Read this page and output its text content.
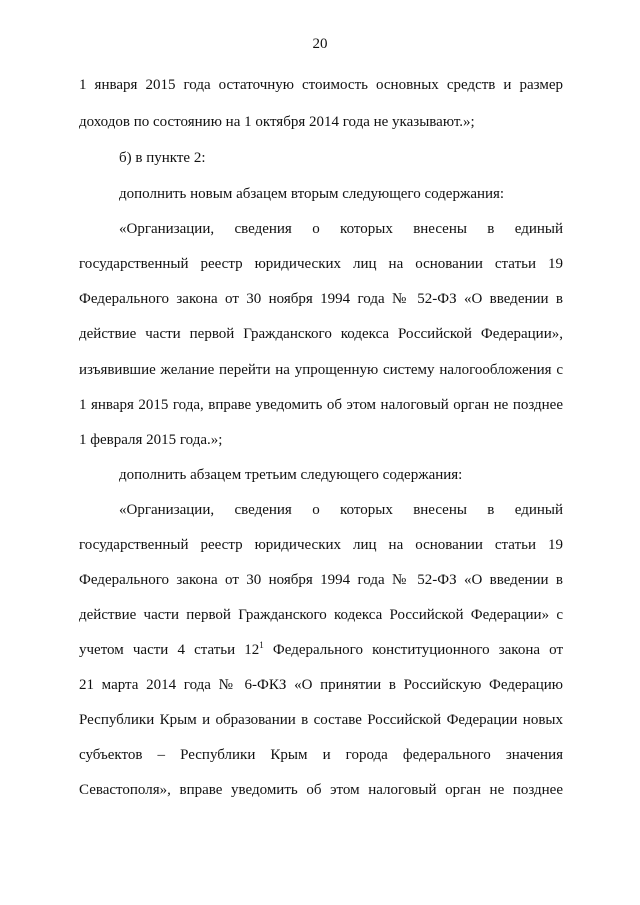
20
1 января 2015 года остаточную стоимость основных средств и размер
доходов по состоянию на 1 октября 2014 года не указывают.»;
б) в пункте 2:
дополнить новым абзацем вторым следующего содержания:
«Организации, сведения о которых внесены в единый
государственный реестр юридических лиц на основании статьи 19
Федерального закона от 30 ноября 1994 года № 52-ФЗ «О введении в
действие части первой Гражданского кодекса Российской Федерации»,
изъявившие желание перейти на упрощенную систему налогообложения с
1 января 2015 года, вправе уведомить об этом налоговый орган не позднее
1 февраля 2015 года.»;
дополнить абзацем третьим следующего содержания:
«Организации, сведения о которых внесены в единый
государственный реестр юридических лиц на основании статьи 19
Федерального закона от 30 ноября 1994 года № 52-ФЗ «О введении в
действие части первой Гражданского кодекса Российской Федерации» с
учетом части 4 статьи $12^1$ Федерального конституционного закона от
21 марта 2014 года № 6-ФКЗ «О принятии в Российскую Федерацию
Республики Крым и образовании в составе Российской Федерации новых
субъектов – Республики Крым и города федерального значения
Севастополя», вправе уведомить об этом налоговый орган не позднее
